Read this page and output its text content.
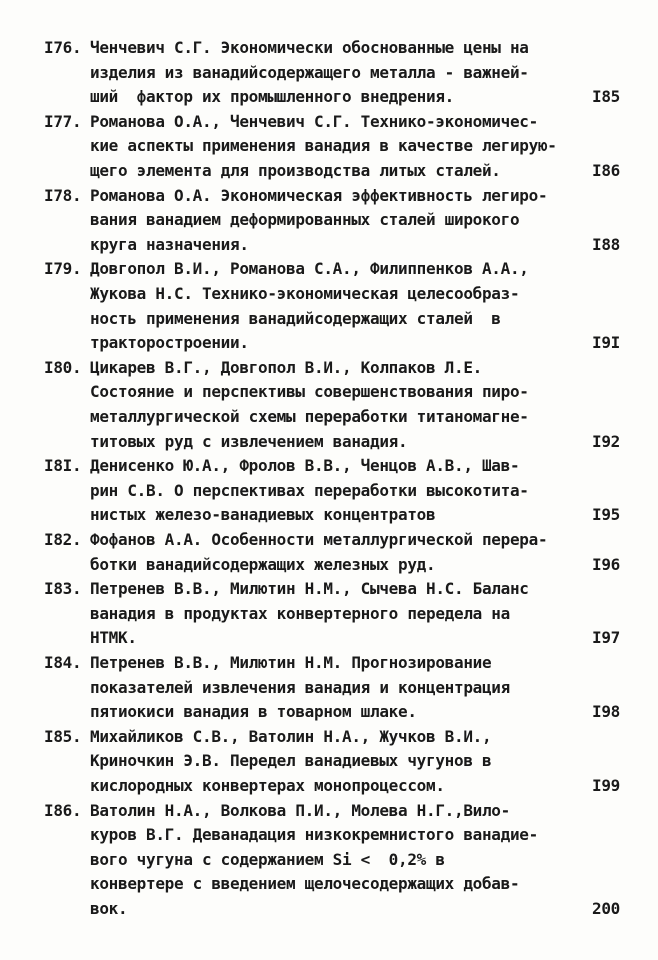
I76. Ченчевич С.Г. Экономически обоснованные цены на
изделия из ванадийсодержащего металла - важней-
ший  фактор их промышленного внедрения.	I85
I77. Романова О.А., Ченчевич С.Г. Технико-экономичес-
кие аспекты применения ванадия в качестве легирую-
щего элемента для производства литых сталей.	I86
I78. Романова О.А. Экономическая эффективность легиро-
вания ванадием деформированных сталей широкого
круга назначения.	I88
I79. Довгопол В.И., Романова С.А., Филиппенков А.А.,
Жукова Н.С. Технико-экономическая целесообраз-
ность применения ванадийсодержащих сталей  в
тракторостроении.	I9I
I80. Цикарев В.Г., Довгопол В.И., Колпаков Л.Е.
Состояние и перспективы совершенствования пиро-
металлургической схемы переработки титаномагне-
титовых руд с извлечением ванадия.	I92
I8I. Денисенко Ю.А., Фролов В.В., Ченцов А.В., Шав-
рин С.В. О перспективах переработки высокотита-
нистых железо-ванадиевых концентратов	I95
I82. Фофанов А.А. Особенности металлургической перера-
ботки ванадийсодержащих железных руд.	I96
I83. Петренев В.В., Милютин Н.М., Сычева Н.С. Баланс
ванадия в продуктах конвертерного передела на
НТМК.	I97
I84. Петренев В.В., Милютин Н.М. Прогнозирование
показателей извлечения ванадия и концентрация
пятиокиси ванадия в товарном шлаке.	I98
I85. Михайликов С.В., Ватолин Н.А., Жучков В.И.,
Криночкин Э.В. Передел ванадиевых чугунов в
кислородных конвертерах монопроцессом.	I99
I86. Ватолин Н.А., Волкова П.И., Молева Н.Г.,Вило-
куров В.Г. Деванадация низкокремнистого ванадие-
вого чугуна с содержанием Si <  0,2% в
конвертере с введением щелочесодержащих добав-
вок.	200
